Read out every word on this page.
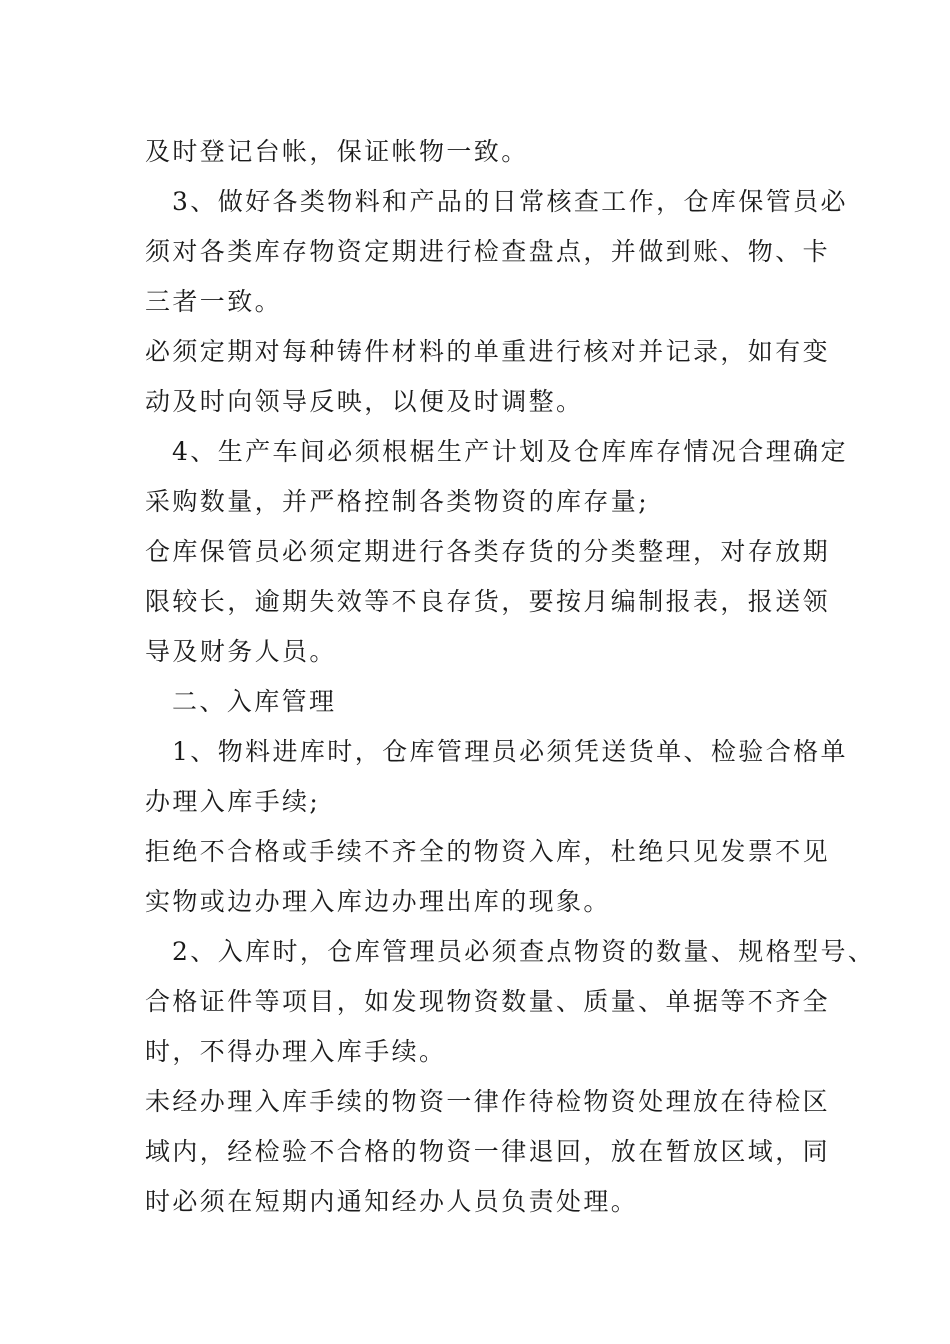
及时登记台帐，保证帐物一致。
3、做好各类物料和产品的日常核查工作，仓库保管员必
须对各类库存物资定期进行检查盘点，并做到账、物、卡
三者一致。
必须定期对每种铸件材料的单重进行核对并记录，如有变
动及时向领导反映，以便及时调整。
4、生产车间必须根椐生产计划及仓库库存情况合理确定
采购数量，并严格控制各类物资的库存量;
仓库保管员必须定期进行各类存货的分类整理，对存放期
限较长，逾期失效等不良存货，要按月编制报表，报送领
导及财务人员。
二、入库管理
1、物料进库时，仓库管理员必须凭送货单、检验合格单
办理入库手续;
拒绝不合格或手续不齐全的物资入库，杜绝只见发票不见
实物或边办理入库边办理出库的现象。
2、入库时，仓库管理员必须查点物资的数量、规格型号、
合格证件等项目，如发现物资数量、质量、单据等不齐全
时，不得办理入库手续。
未经办理入库手续的物资一律作待检物资处理放在待检区
域内，经检验不合格的物资一律退回，放在暂放区域，同
时必须在短期内通知经办人员负责处理。
